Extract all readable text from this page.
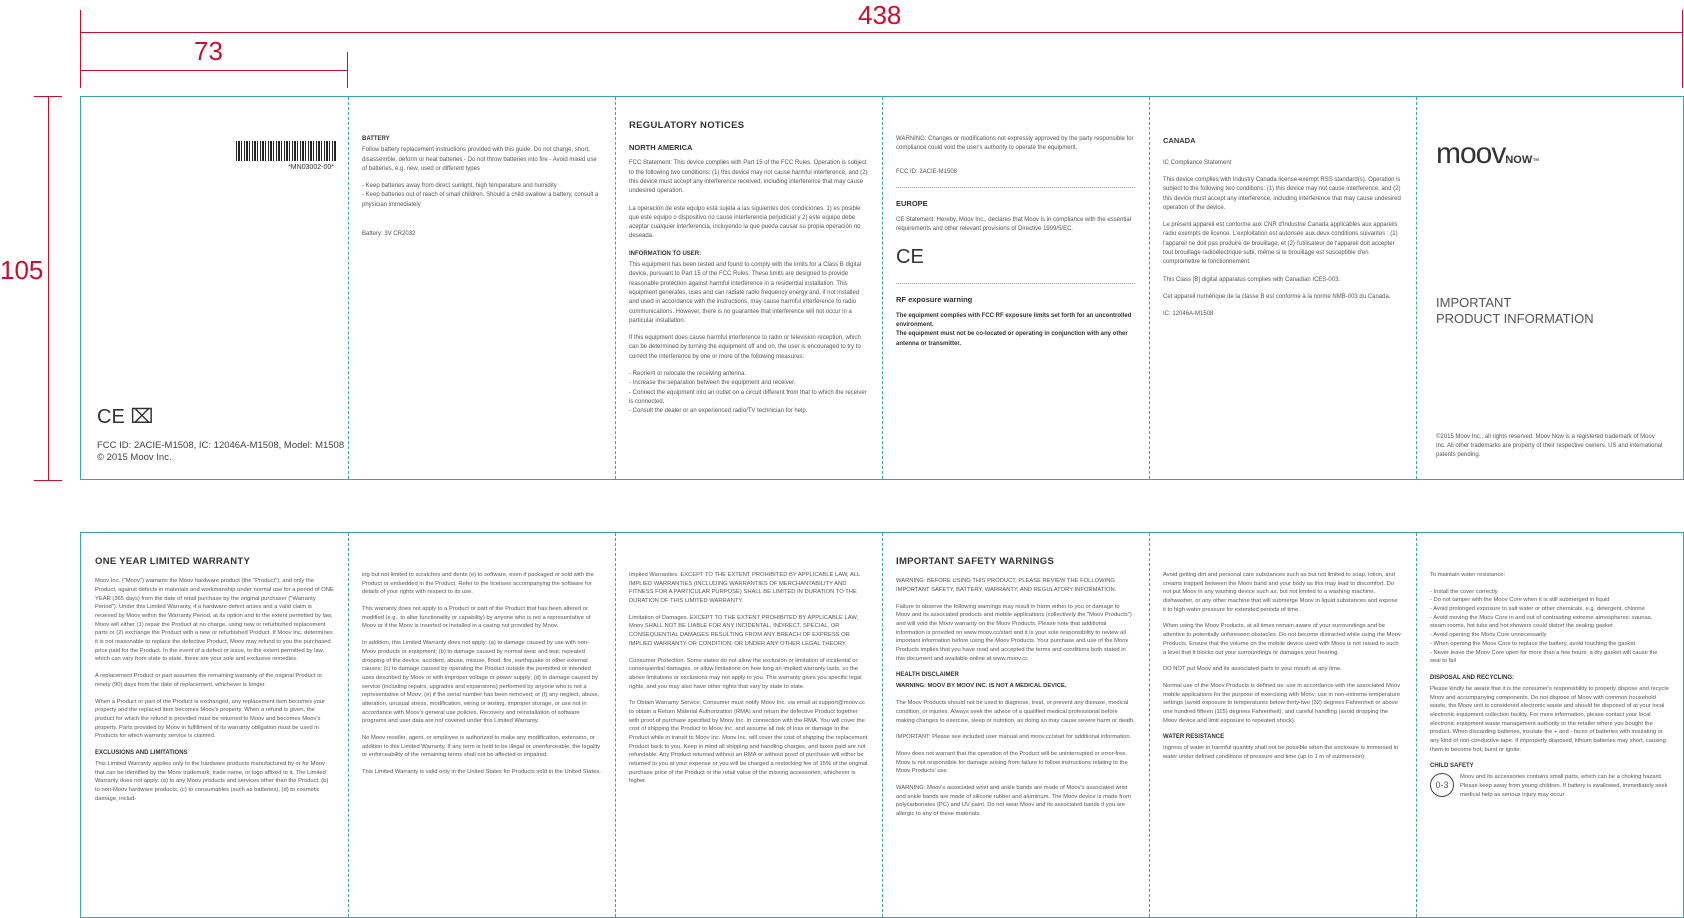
438
73
105
*MN03002-00*
CE ⌧
FCC ID: 2ACIE-M1508, IC: 12046A-M1508, Model: M1508
© 2015 Moov Inc.
BATTERY

Follow battery replacement instructions provided with this guide. Do not charge, short, disassemble, deform or heat batteries - Do not throw batteries into fire - Avoid mixed use of batteries, e.g. new, used or different types

- Keep batteries away from direct sunlight, high temperature and humidity
- Keep batteries out of reach of small children. Should a child swallow a battery, consult a physician immediately

Battery: 3V CR2032

REGULATORY NOTICES
NORTH AMERICA

FCC Statement: This device complies with Part 15 of the FCC Rules. Operation is subject to the following two conditions: (1) this device may not cause harmful interference, and (2) this device must accept any interference received, including interference that may cause undesired operation.

La operación de este equipo está sujeta a las siguientes dos condiciones: 1) es posible que este equipo o dispositivo no cause interferencia perjudicial y 2) este equipo debe aceptar cualquier interferencia, incluyendo la que pueda causar su propia operación no deseada.

INFORMATION TO USER:

This equipment has been tested and found to comply with the limits for a Class B digital device, pursuant to Part 15 of the FCC Rules. These limits are designed to provide reasonable protection against harmful interference in a residential installation. This equipment generates, uses and can radiate radio frequency energy and, if not installed and used in accordance with the instructions, may cause harmful interference to radio communications. However, there is no guarantee that interference will not occur in a particular installation.

If this equipment does cause harmful interference to radio or television reception, which can be determined by turning the equipment off and on, the user is encouraged to try to correct the interference by one or more of the following measures:

- Reorient or relocate the receiving antenna.
- Increase the separation between the equipment and receiver.
- Connect the equipment into an outlet on a circuit different from that to which the receiver is connected.
- Consult the dealer or an experienced radio/TV technician for help.

WARNING: Changes or modifications not expressly approved by the party responsible for compliance could void the user's authority to operate the equipment.

FCC ID: 2ACIE-M1508

EUROPE

CE Statement: Hereby, Moov Inc., declares that Moov is in compliance with the essential requirements and other relevant provisions of Directive 1999/5/EC.

CE
RF exposure warning
The equipment complies with FCC RF exposure limits set forth for an uncontrolled environment.
The equipment must not be co-located or operating in conjunction with any other antenna or transmitter.
CANADA

IC Compliance Statement

This device complies with Industry Canada license-exempt RSS standard(s). Operation is subject to the following two conditions: (1) this device may not cause interference, and (2) this device must accept any interference, including interference that may cause undesired operation of the device.

Le présent appareil est conforme aux CNR d'Industrie Canada applicables aux appareils radio exempts de licence. L'exploitation est autorisée aux deux conditions suivantes : (1) l'appareil ne doit pas produire de brouillage, et (2) l'utilisateur de l'appareil doit accepter tout brouillage radioélectrique subi, même si le brouillage est susceptible d'en compromettre le fonctionnement.

This Class [B] digital apparatus complies with Canadian ICES-003.

Cet appareil numérique de la classe B est conforme à la norme NMB-003 du Canada.

IC: 12046A-M1508

moovNOW™
IMPORTANT
PRODUCT INFORMATION
©2015 Moov Inc., all rights reserved. Moov Now is a registered trademark of Moov Inc. All other trademarks are property of their respective owners. US and international patents pending.
ONE YEAR LIMITED WARRANTY

Moov Inc. ("Moov") warrants the Moov hardware product (the "Product"), and only the Product, against defects in materials and workmanship under normal use for a period of ONE YEAR (365 days) from the date of retail purchase by the original purchaser ("Warranty Period"). Under this Limited Warranty, if a hardware defect arises and a valid claim is received by Moov within the Warranty Period, at its option and to the extent permitted by law, Moov will either (1) repair the Product at no charge, using new or refurbished replacement parts or (2) exchange the Product with a new or refurbished Product. If Moov Inc. determines it is not reasonable to replace the defective Product, Moov may refund to you the purchased price paid for the Product. In the event of a defect or issue, to the extent permitted by law, which can vary from state to state, these are your sole and exclusive remedies.

A replacement Product or part assumes the remaining warranty of the original Product or ninety (90) days from the date of replacement, whichever is longer.

When a Product or part of the Product is exchanged, any replacement item becomes your property and the replaced item becomes Moov's property. When a refund is given, the product for which the refund is provided must be returned to Moov and becomes Moov's property. Parts provided by Moov in fulfillment of its warranty obligation must be used in Products for which warranty service is claimed.

EXCLUSIONS AND LIMITATIONS

This Limited Warranty applies only to the hardware products manufactured by or for Moov that can be identified by the Moov trademark, trade name, or logo affixed to it. The Limited Warranty does not apply: (a) to any Moov products and services other than the Product, (b) to non-Moov hardware products, (c) to consumables (such as batteries), (d) to cosmetic damage, includ-

ing but not limited to scratches and dents (e) to software, even if packaged or sold with the Product or embedded in the Product. Refer to the licenses accompanying the software for details of your rights with respect to its use.

This warranty does not apply to a Product or part of the Product that has been altered or modified (e.g., to alter functionality or capability) by anyone who is not a representative of Moov or if the Moov is inserted or installed in a casing not provided by Moov.

In addition, this Limited Warranty does not apply: (a) to damage caused by use with non-Moov products or equipment; (b) to damage caused by normal wear and tear, repeated dropping of the device, accident, abuse, misuse, flood, fire, earthquake or other external causes; (c) to damage caused by operating the Product outside the permitted or intended uses described by Moov or with improper voltage or power supply; (d) to damage caused by service (including repairs, upgrades and expansions) performed by anyone who is not a representative of Moov; (e) if the serial number has been removed; or (f) any neglect, abuse, alteration, unusual stress, modification, wiring or testing, improper storage, or use not in accordance with Moov's general use policies. Recovery and reinstallation of software programs and user data are not covered under this Limited Warranty.

No Moov reseller, agent, or employee is authorized to make any modification, extension, or addition to this Limited Warranty. If any term is held to be illegal or unenforceable, the legality or enforceability of the remaining terms shall not be affected or impaired.

This Limited Warranty is valid only in the United States for Products sold in the United States.

Implied Warranties. EXCEPT TO THE EXTENT PROHIBITED BY APPLICABLE LAW, ALL IMPLIED WARRANTIES (INCLUDING WARRANTIES OF MERCHANTABILITY AND FITNESS FOR A PARTICULAR PURPOSE) SHALL BE LIMITED IN DURATION TO THE DURATION OF THIS LIMITED WARRANTY.

Limitation of Damages. EXCEPT TO THE EXTENT PROHIBITED BY APPLICABLE LAW, Moov SHALL NOT BE LIABLE FOR ANY INCIDENTAL, INDIRECT, SPECIAL, OR CONSEQUENTIAL DAMAGES RESULTING FROM ANY BREACH OF EXPRESS OR IMPLIED WARRANTY OR CONDITION, OR UNDER ANY OTHER LEGAL THEORY.

Consumer Protection. Some states do not allow the exclusion or limitation of incidental or consequential damages, or allow limitations on how long an implied warranty lasts, so the above limitations or exclusions may not apply to you. This warranty gives you specific legal rights, and you may also have other rights that vary by state to state.

To Obtain Warranty Service: Consumer must notify Moov Inc. via email at support@moov.cc to obtain a Return Material Authorization (RMA) and return the defective Product together with proof of purchase specified by Moov Inc. in connection with the RMA. You will cover the cost of shipping the Product to Moov Inc. and assume all risk of loss or damage to the Product while in transit to Moov Inc. Moov Inc. will cover the cost of shipping the replacement Product back to you. Keep in mind all shipping and handling charges, and taxes paid are not refundable. Any Product returned without an RMA or without proof of purchase will either be returned to you at your expense or you will be charged a restocking fee of 15% of the original purchase price of the Product or the retail value of the missing accessories, whichever is higher.

IMPORTANT SAFETY WARNINGS

WARNING: BEFORE USING THIS PRODUCT, PLEASE REVIEW THE FOLLOWING IMPORTANT SAFETY, BATTERY, WARRANTY, AND REGULATORY INFORMATION.

Failure to observe the following warnings may result in harm either to you or damage to Moov and its associated products and mobile applications (collectively the "Moov Products") and will void the Moov warranty on the Moov Products. Please note that additional information is provided on www.moov.cc/start and it is your sole responsibility to review all important information before using the Moov Products. Your purchase and use of the Moov Products implies that you have read and accepted the terms and conditions both stated in this document and available online at www.moov.cc

HEALTH DISCLAIMER

WARNING: MOOV BY MOOV INC. IS NOT A MEDICAL DEVICE.

The Moov Products should not be used to diagnose, treat, or prevent any disease, medical condition, or injuries. Always seek the advice of a qualified medical professional before making changes to exercise, sleep or nutrition, as doing so may cause severe harm or death.

IMPORTANT: Please see included user manual and moov.cc/start for additional information.

Moov does not warrant that the operation of the Product will be uninterrupted or error-free. Moov is not responsible for damage arising from failure to follow instructions relating to the Moov Products' use.

WARNING: Moov's associated wrist and ankle bands are made of Moov's associated wrist and ankle bands are made of silicone rubber and aluminum. The Moov device is made from polycarbonates (PC) and UV paint. Do not wear Moov and its associated bands if you are allergic to any of these materials.

Avoid getting dirt and personal care substances such as but not limited to soap, lotion, and creams trapped between the Moov band and your body as this may lead to discomfort. Do not put Moov in any washing device such as, but not limited to a washing machine, dishwasher, or any other machine that will submerge Moov in liquid substances and expose it to high water pressure for extended periods of time.

When using the Moov Products, at all times remain aware of your surroundings and be attentive to potentially unforeseen obstacles. Do not become distracted while using the Moov Products. Ensure that the volume on the mobile device used with Moov is not raised to such a level that it blocks out your surroundings or damages your hearing.

DO NOT put Moov and its associated parts in your mouth at any time.

Normal use of the Moov Products is defined as: use in accordance with the associated Moov mobile applications for the purpose of exercising with Moov, use in non-extreme temperature settings (avoid exposure to temperatures below thirty-two (32) degrees Fahrenheit or above one hundred fifteen (115) degrees Fahrenheit), and careful handling (avoid dropping the Moov device and limit exposure to repeated shock).

WATER RESISTANCE

Ingress of water in harmful quantity shall not be possible when the enclosure is immersed in water under defined conditions of pressure and time (up to 1 m of submersion).

To maintain water resistance:

- Install the cover correctly
- Do not tamper with the Moov Core when it is still submerged in liquid
- Avoid prolonged exposure to salt water or other chemicals, e.g. detergent, chlorine
- Avoid moving the Moov Core in and out of contrasting extreme atmospheres: saunas, steam rooms, hot tubs and hot showers could distort the sealing gasket
- Avoid opening the Moov Core unnecessarily
- When opening the Moov Core to replace the battery, avoid touching the gasket
- Never leave the Moov Core open for more than a few hours; a dry gasket will cause the seal to fail
DISPOSAL AND RECYCLING:

Please kindly be aware that it is the consumer's responsibility to properly dispose and recycle Moov and accompanying components. Do not dispose of Moov with common household waste, the Moov unit is considered electronic waste and should be disposed of at your local electronic equipment collection facility. For more information, please contact your local electronic equipment waste management authority or the retailer where you bought the product. When discarding batteries, insulate the + and - faces of batteries with insulating or any kind of non-conductive tape. If improperly disposed, lithium batteries may short, causing them to become hot, burst or ignite.

CHILD SAFETY
0-3
Moov and its accessories contains small parts, which can be a choking hazard. Please keep away from young children. If battery is swallowed, immediately seek medical help as serious injury may occur.
